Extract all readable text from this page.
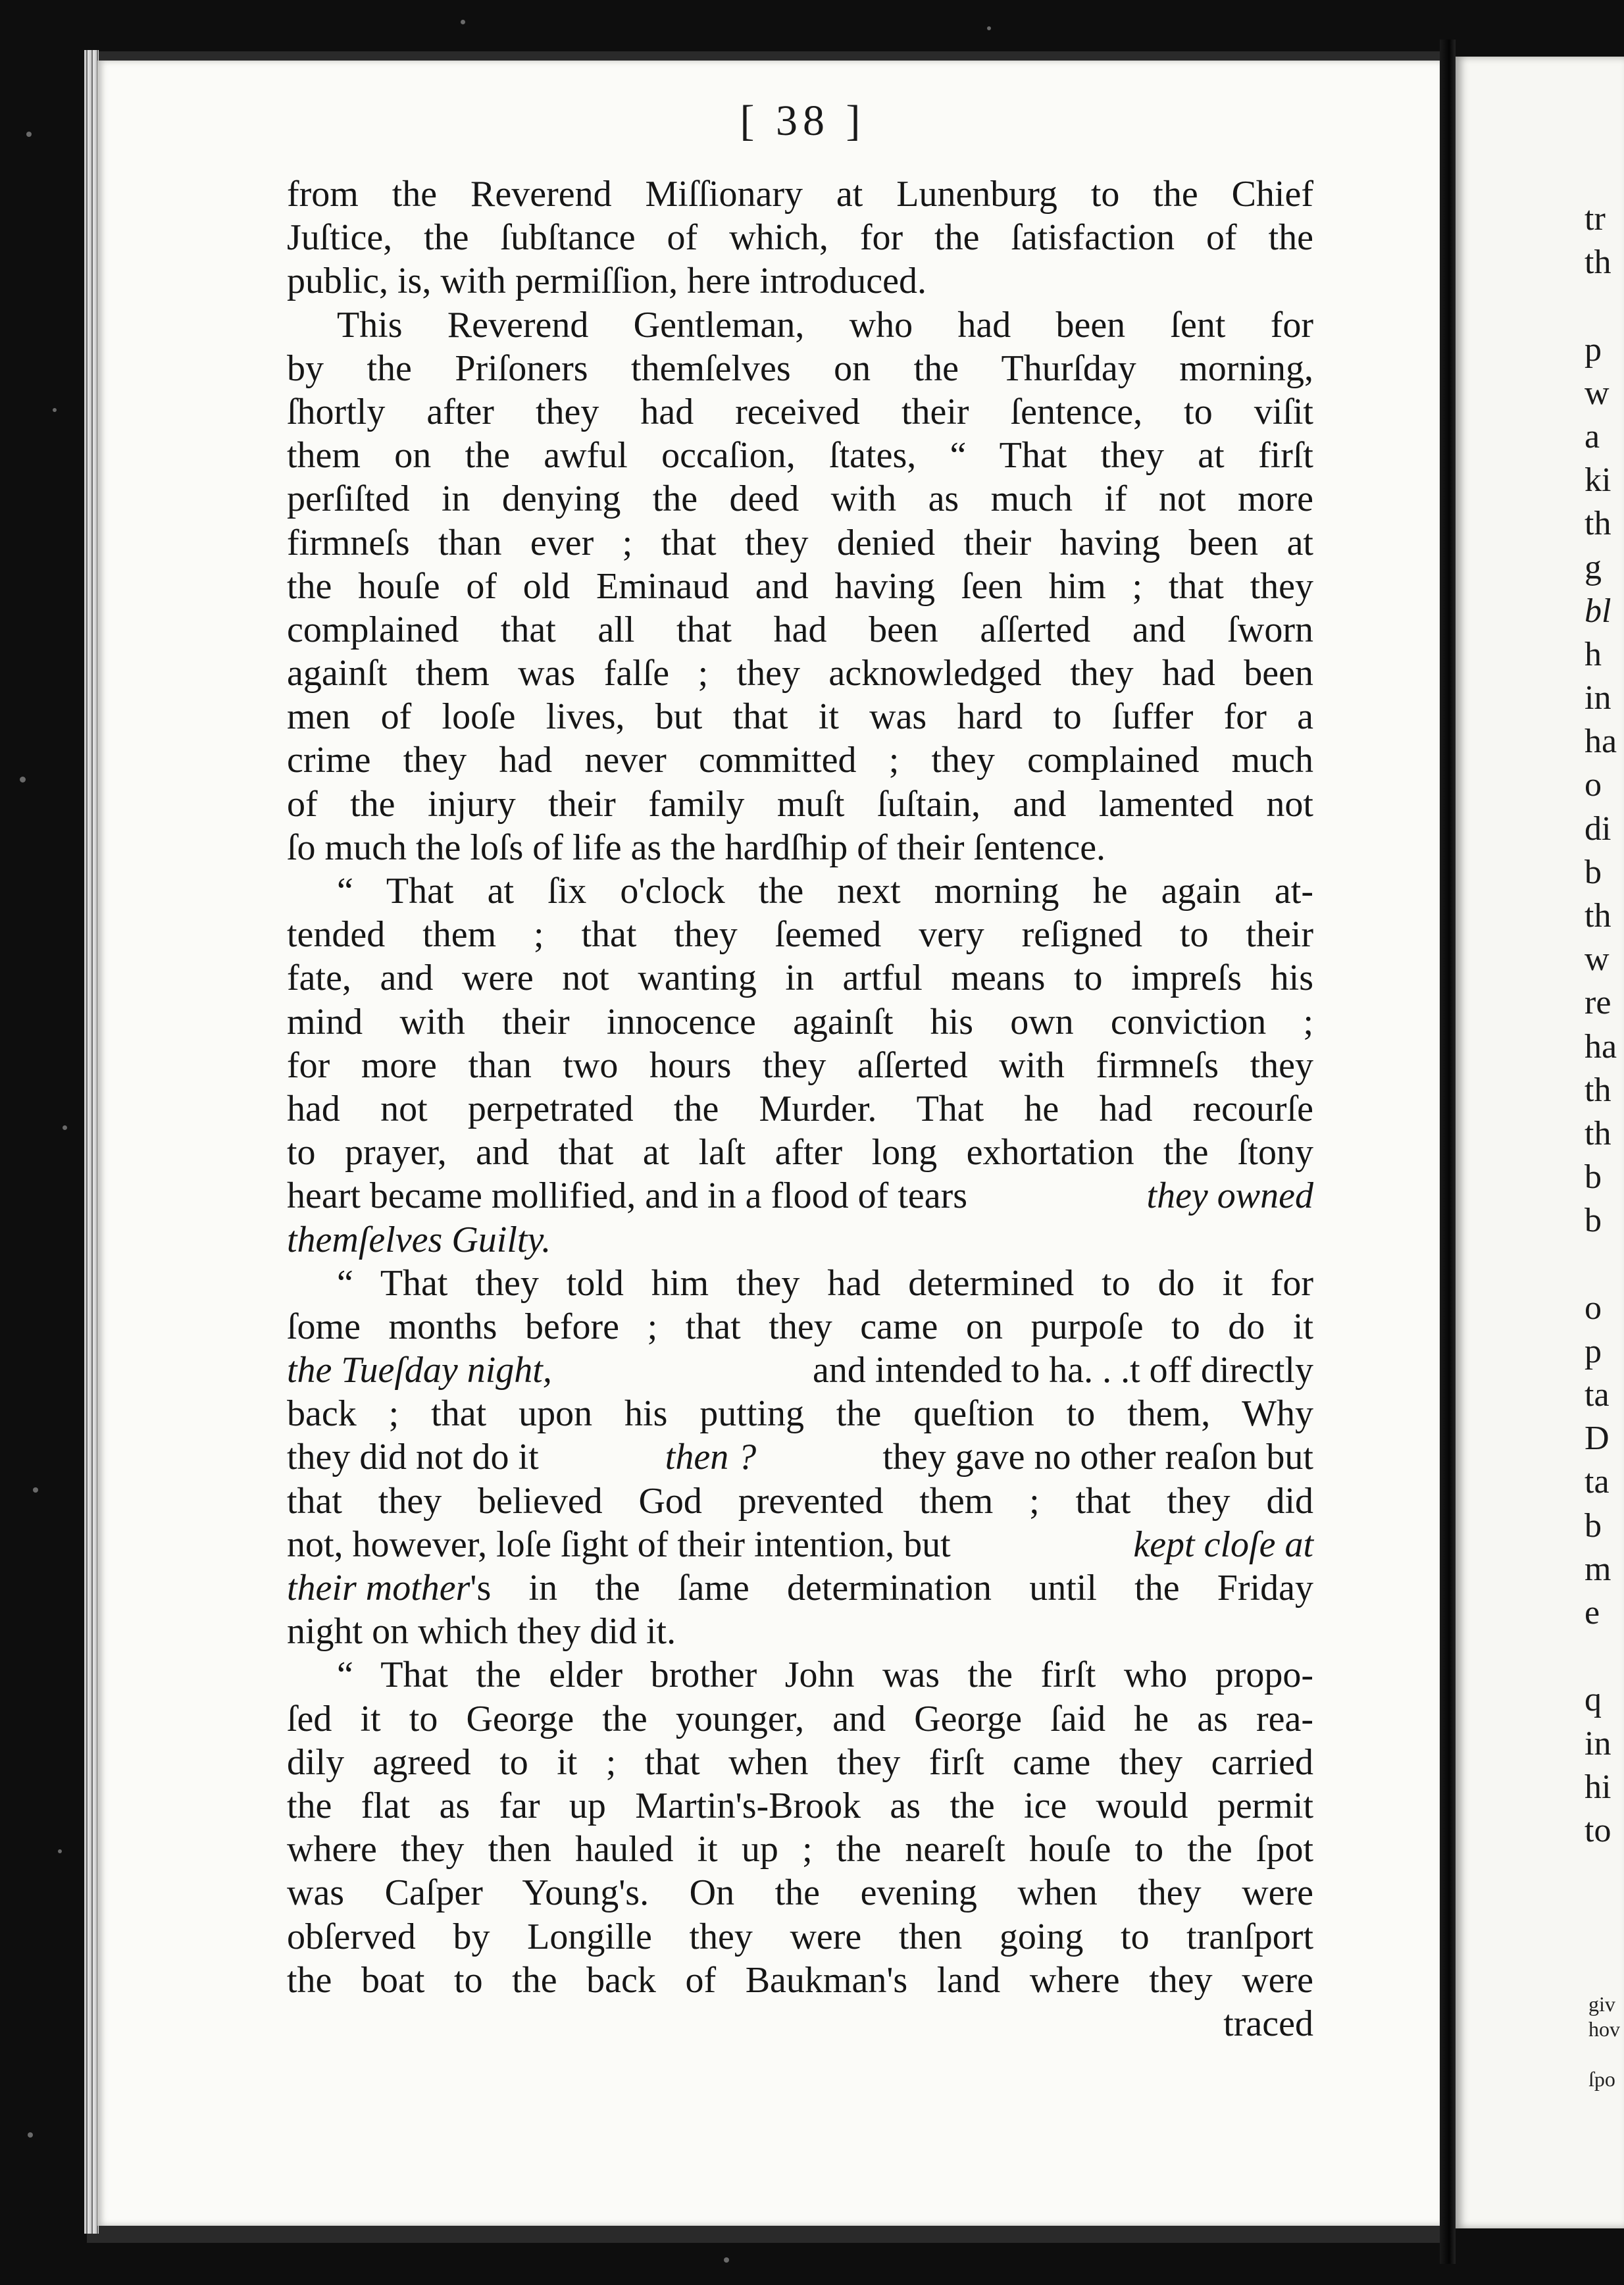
[ 38 ]
from the Reverend Miſſionary at Lunenburg to the Chief
Juſtice, the ſubſtance of which, for the ſatisfaction of the
public, is, with permiſſion, here introduced.
This Reverend Gentleman, who had been ſent for
by the Priſoners themſelves on the Thurſday morning,
ſhortly after they had received their ſentence, to viſit
them on the awful occaſion, ſtates, “ That they at firſt
perſiſted in denying the deed with as much if not more
firmneſs than ever ; that they denied their having been at
the houſe of old Eminaud and having ſeen him ; that they
complained that all that had been aſſerted and ſworn
againſt them was falſe ; they acknowledged they had been
men of looſe lives, but that it was hard to ſuffer for a
crime they had never committed ; they complained much
of the injury their family muſt ſuſtain, and lamented not
ſo much the loſs of life as the hardſhip of their ſentence.
“ That at ſix o'clock the next morning he again at-
tended them ; that they ſeemed very reſigned to their
fate, and were not wanting in artful means to impreſs his
mind with their innocence againſt his own conviction ;
for more than two hours they aſſerted with firmneſs they
had not perpetrated the Murder. That he had recourſe
to prayer, and that at laſt after long exhortation the ſtony
heart became mollified, and in a flood of tears	they owned
themſelves Guilty.
“ That they told him they had determined to do it for
ſome months before ; that they came on purpoſe to do it
the Tueſday night,	and intended to ha. . .t off directly
back ; that upon his putting the queſtion to them, Why
they did not do it	then ?	they gave no other reaſon but
that they believed God prevented them ; that they did
not, however, loſe ſight of their intention, but	kept cloſe at
their mother 's in the ſame determination until the Friday
night on which they did it.
“ That the elder brother John was the firſt who propo-
ſed it to George the younger, and George ſaid he as rea-
dily agreed to it ; that when they firſt came they carried
the flat as far up Martin's-Brook as the ice would permit
where they then hauled it up ; the neareſt houſe to the ſpot
was Caſper Young's. On the evening when they were
obſerved by Longille they were then going to tranſport
the boat to the back of Baukman's land where they were
traced
tr
th
p
w
a
ki
th
g
bl
h
in
ha
o
di
b
th
w
re
ha
th
th
b
b
o
p
ta
D
ta
b
m
e
q
in
hi
to
giv
hov
ſpo
